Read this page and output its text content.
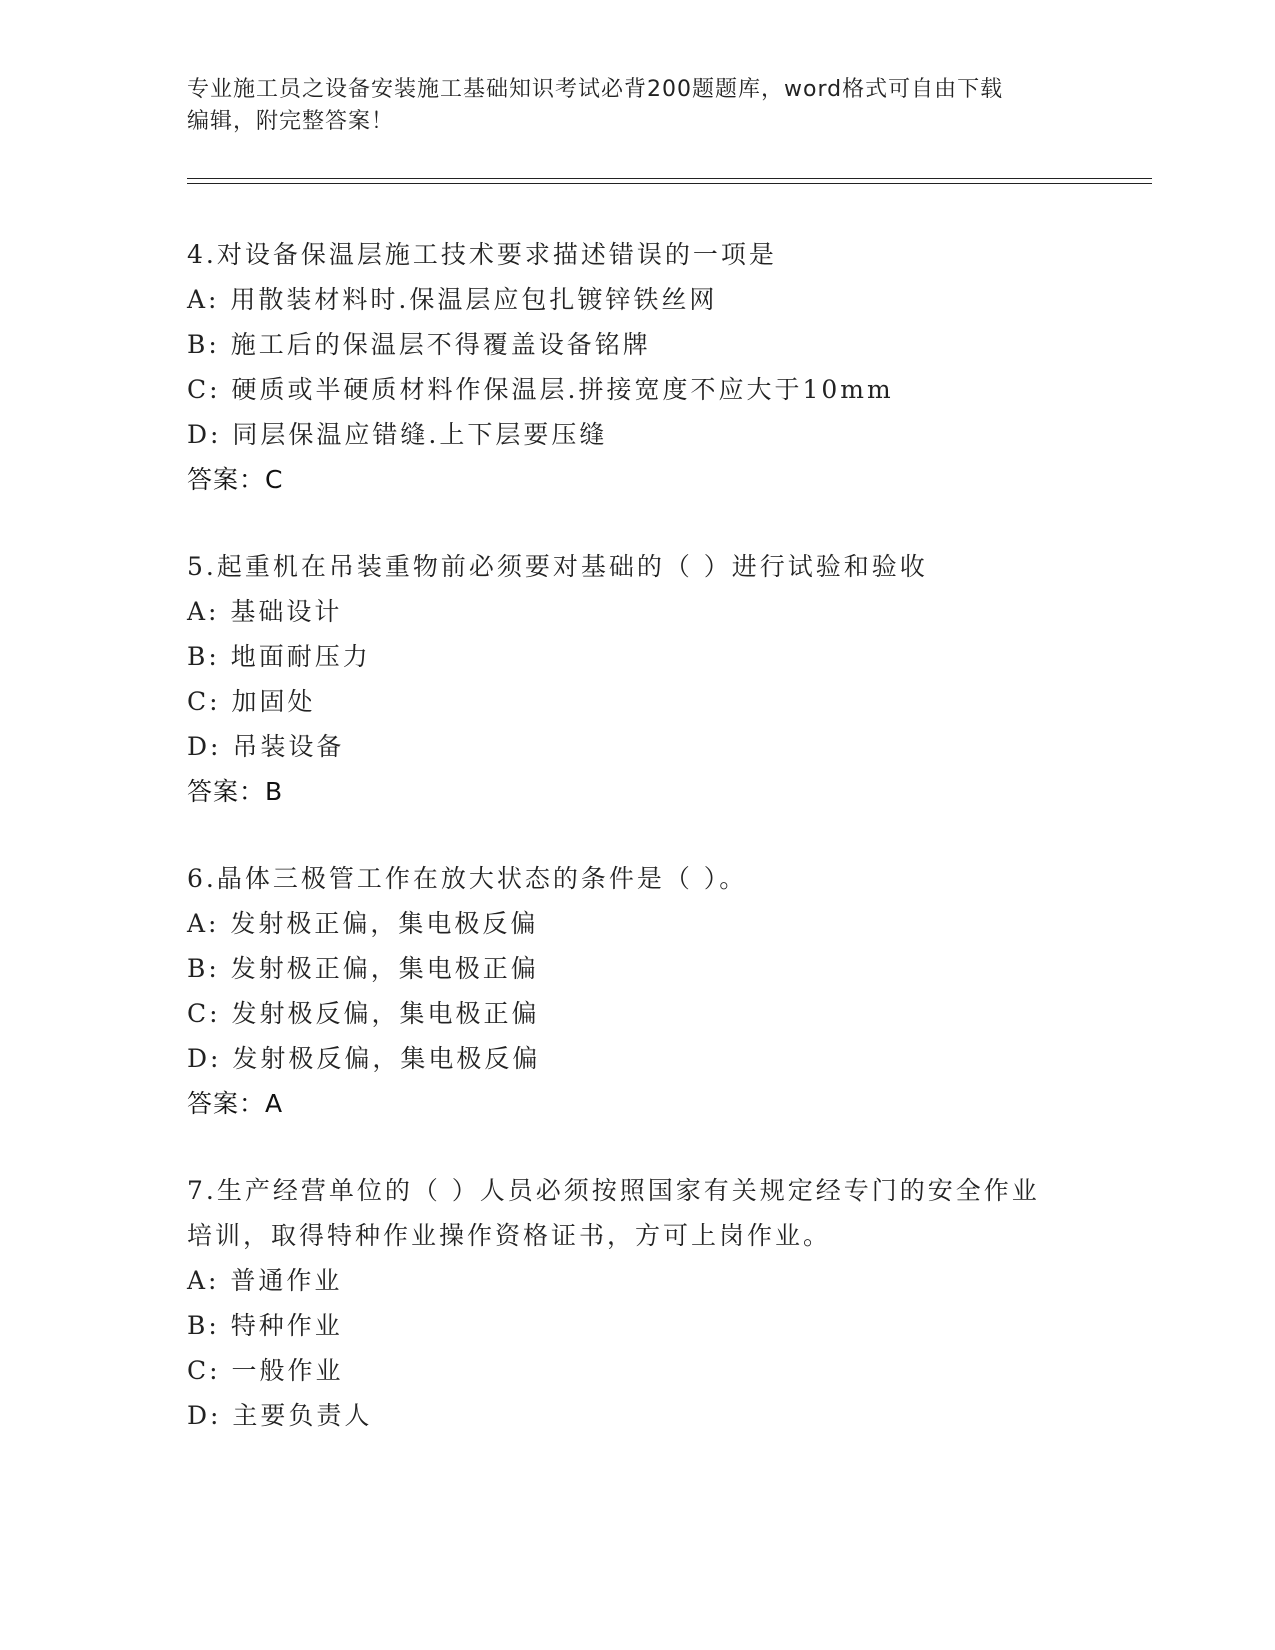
专业施工员之设备安装施工基础知识考试必背200题题库，word格式可自由下载
编辑，附完整答案！
4.对设备保温层施工技术要求描述错误的一项是
A: 用散装材料时.保温层应包扎镀锌铁丝网
B: 施工后的保温层不得覆盖设备铭牌
C: 硬质或半硬质材料作保温层.拼接宽度不应大于10mm
D: 同层保温应错缝.上下层要压缝
答案：C
5.起重机在吊装重物前必须要对基础的（ ）进行试验和验收
A: 基础设计
B: 地面耐压力
C: 加固处
D: 吊装设备
答案：B
6.晶体三极管工作在放大状态的条件是（ ）。
A: 发射极正偏，集电极反偏
B: 发射极正偏，集电极正偏
C: 发射极反偏，集电极正偏
D: 发射极反偏，集电极反偏
答案：A
7.生产经营单位的（ ）人员必须按照国家有关规定经专门的安全作业
培训，取得特种作业操作资格证书，方可上岗作业。
A: 普通作业
B: 特种作业
C: 一般作业
D: 主要负责人
